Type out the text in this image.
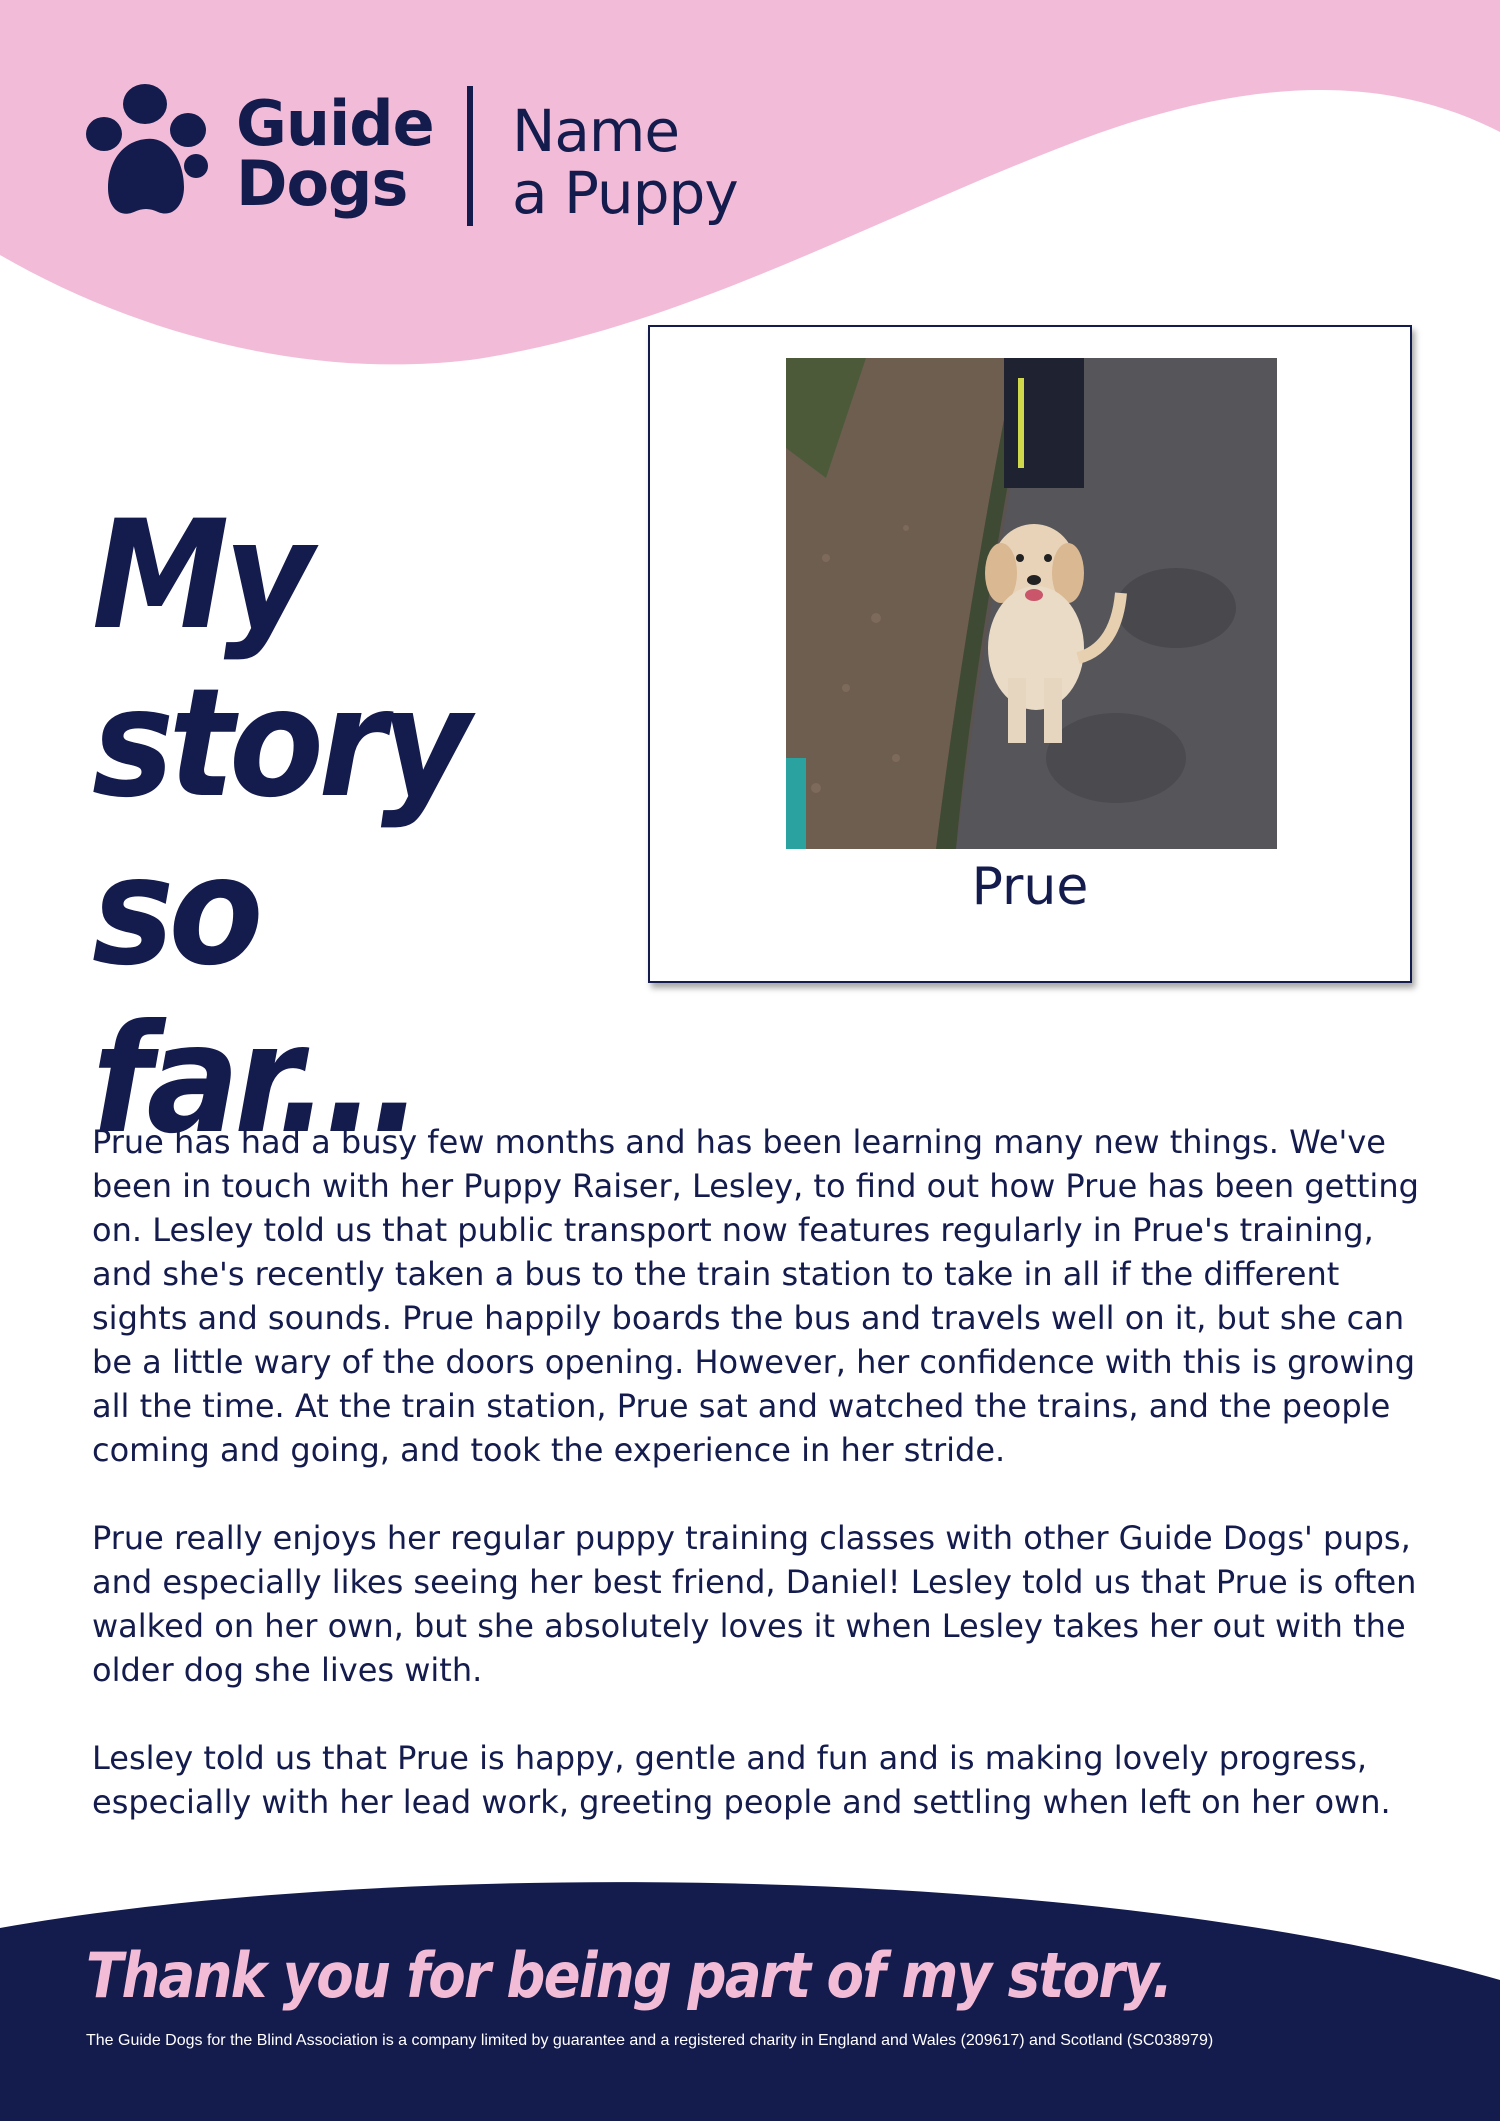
Guide
Dogs
Name
a Puppy
My story
so far...
Prue

Prue has had a busy few months and has been learning many new things. We've been in touch with her Puppy Raiser, Lesley, to find out how Prue has been getting on. Lesley told us that public transport now features regularly in Prue's training, and she's recently taken a bus to the train station to take in all if the different sights and sounds. Prue happily boards the bus and travels well on it, but she can be a little wary of the doors opening. However, her confidence with this is growing all the time. At the train station, Prue sat and watched the trains, and the people coming and going, and took the experience in her stride.

Prue really enjoys her regular puppy training classes with other Guide Dogs' pups, and especially likes seeing her best friend, Daniel! Lesley told us that Prue is often walked on her own, but she absolutely loves it when Lesley takes her out with the older dog she lives with.

Lesley told us that Prue is happy, gentle and fun and is making lovely progress, especially with her lead work, greeting people and settling when left on her own.

Thank you for being part of my story.
The Guide Dogs for the Blind Association is a company limited by guarantee and a registered charity in England and Wales (209617) and Scotland (SC038979)
